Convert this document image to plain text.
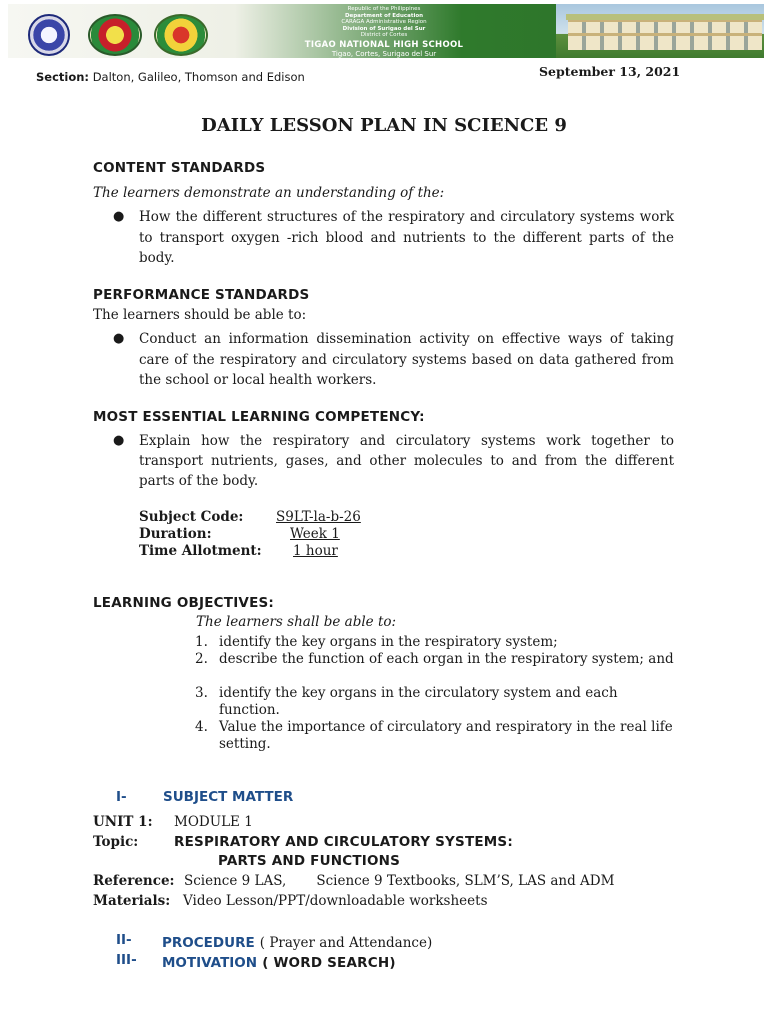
Republic of the Philippines
Department of Education
CARAGA Administrative Region
Division of Surigao del Sur
District of Cortes
TIGAO NATIONAL HIGH SCHOOL
Tigao, Cortes, Surigao del Sur
Section: Dalton, Galileo, Thomson and Edison	September 13, 2021
DAILY LESSON PLAN IN SCIENCE 9
CONTENT STANDARDS
The learners demonstrate an understanding of the:
● How the different structures of the respiratory and circulatory systems work to transport oxygen -rich blood and nutrients to the different parts of the body.
PERFORMANCE STANDARDS
The learners should be able to:
● Conduct an information dissemination activity on effective ways of taking care of the respiratory and circulatory systems based on data gathered from the school or local health workers.
MOST ESSENTIAL LEARNING COMPETENCY:
● Explain how the respiratory and circulatory systems work together to transport nutrients, gases, and other molecules to and from the different parts of the body.
Subject Code: S9LT-la-b-26
Duration:	Week 1
Time Allotment: 1 hour
LEARNING OBJECTIVES:
The learners shall be able to:
1. identify the key organs in the respiratory system;
2. describe the function of each organ in the respiratory system; and
3. identify the key organs in the circulatory system and each function.
4. Value the importance of circulatory and respiratory in the real life setting.
I-	SUBJECT MATTER
UNIT 1: MODULE 1
Topic:	RESPIRATORY AND CIRCULATORY SYSTEMS:
PARTS AND FUNCTIONS
Reference: Science 9 LAS,       Science 9 Textbooks, SLM’S, LAS and ADM
Materials: Video Lesson/PPT/downloadable worksheets
II- PROCEDURE ( Prayer and Attendance)
III- MOTIVATION ( WORD SEARCH)
